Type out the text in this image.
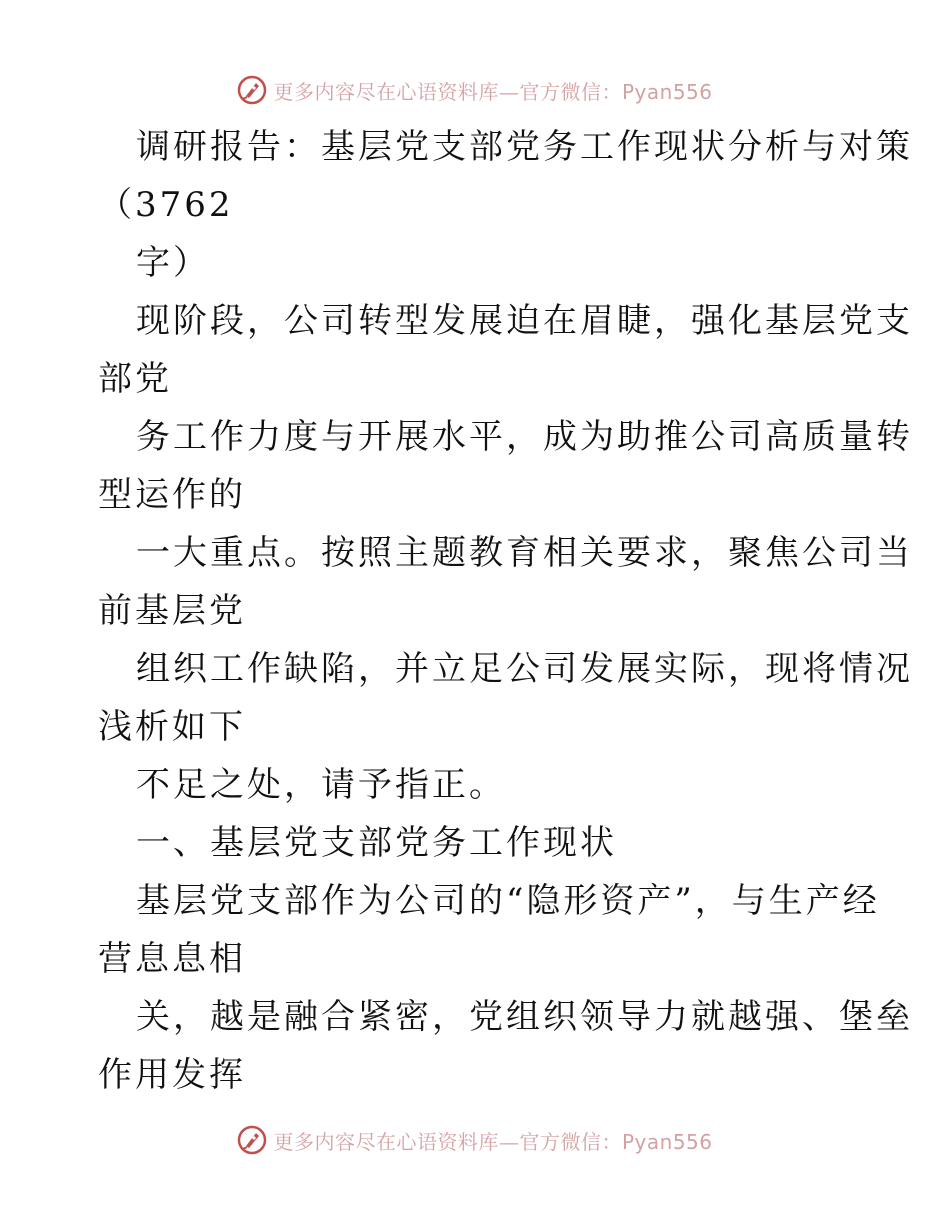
更多内容尽在心语资料库—官方微信：Pyan556
调研报告：基层党支部党务工作现状分析与对策
（3762
字）
现阶段，公司转型发展迫在眉睫，强化基层党支
部党
务工作力度与开展水平，成为助推公司高质量转
型运作的
一大重点。按照主题教育相关要求，聚焦公司当
前基层党
组织工作缺陷，并立足公司发展实际，现将情况
浅析如下
不足之处，请予指正。
一、基层党支部党务工作现状
基层党支部作为公司的“隐形资产”，与生产经
营息息相
关，越是融合紧密，党组织领导力就越强、堡垒
作用发挥
更多内容尽在心语资料库—官方微信：Pyan556
